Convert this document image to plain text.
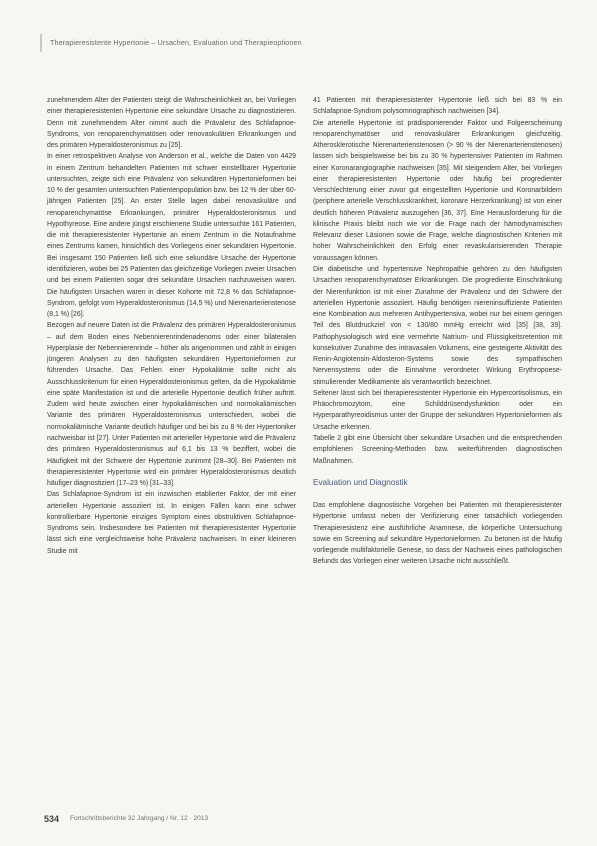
Therapieresistente Hypertonie – Ursachen, Evaluation und Therapieoptionen

zunehmendem Alter der Patienten steigt die Wahrscheinlichkeit an, bei Vorliegen einer therapieresistenten Hypertonie eine sekundäre Ursache zu diagnostizieren. Denn mit zunehmendem Alter nimmt auch die Prävalenz des Schlafapnoe-Syndroms, von renoparenchymatösen oder renovaskulären Erkrankungen und des primären Hyperaldosteronismus zu [25].

In einer retrospektiven Analyse von Anderson et al., welche die Daten von 4429 in einem Zentrum behandelten Patienten mit schwer einstellbarer Hypertonie untersuchten, zeigte sich eine Prävalenz von sekundären Hypertonieformen bei 10 % der gesamten untersuchten Patientenpopulation bzw. bei 12 % der über 60-jährigen Patienten [25]. An erster Stelle lagen dabei renovaskuläre und renoparenchymatöse Erkrankungen, primärer Hyperaldosteronismus und Hypothyreose. Eine andere jüngst erschienene Studie untersuchte 161 Patienten, die mit therapieresistenter Hypertonie an einem Zentrum in die Notaufnahme eines Zentrums kamen, hinsichtlich des Vorliegens einer sekundären Hypertonie. Bei insgesamt 150 Patienten ließ sich eine sekundäre Ursache der Hypertonie identifizieren, wobei bei 25 Patienten das gleichzeitige Vorliegen zweier Ursachen und bei einem Patienten sogar drei sekundäre Ursachen nachzuweisen waren. Die häufigsten Ursachen waren in dieser Kohorte mit 72,8 % das Schlafapnoe-Syndrom, gefolgt vom Hyperaldosteronismus (14,5 %) und Nierenarterienstenose (8,1 %) [26].

Bezogen auf neuere Daten ist die Prävalenz des primären Hyperaldosteronismus – auf dem Boden eines Nebennierenrindenadenoms oder einer bilateralen Hyperplasie der Nebennierenrinde – höher als angenommen und zählt in einigen jüngeren Analysen zu den häufigsten sekundären Hypertonieformen zur führenden Ursache. Das Fehlen einer Hypokaliämie sollte nicht als Ausschlusskriterium für einen Hyperaldosteronismus gelten, da die Hypokaliämie eine späte Manifestation ist und die arterielle Hypertonie deutlich früher auftritt. Zudem wird heute zwischen einer hypokaliämischen und normokaliämischen Variante des primären Hyperaldosteronismus unterschieden, wobei die normokaliämische Variante deutlich häufiger und bei bis zu 8 % der Hypertoniker nachweisbar ist [27]. Unter Patienten mit arterieller Hypertonie wird die Prävalenz des primären Hyperaldosteronismus auf 6,1 bis 13 % beziffert, wobei die Häufigkeit mit der Schwere der Hypertonie zunimmt [28–30]. Bei Patienten mit therapieresistenter Hypertonie wird ein primärer Hyperaldosteronismus deutlich häufiger diagnostiziert (17–23 %) [31–33].

Das Schlafapnoe-Syndrom ist ein inzwischen etablierter Faktor, der mit einer arteriellen Hypertonie assoziiert ist. In einigen Fällen kann eine schwer kontrollierbare Hypertonie einziges Symptom eines obstruktiven Schlafapnoe-Syndroms sein. Insbesondere bei Patienten mit therapieresistenter Hypertonie lässt sich eine vergleichsweise hohe Prävalenz nachweisen. In einer kleineren Studie mit

41 Patienten mit therapieresistenter Hypertonie ließ sich bei 83 % ein Schlafapnoe-Syndrom polysomnographisch nachweisen [34].

Die arterielle Hypertonie ist prädisponierender Faktor und Folgeerscheinung renoparenchymatöser und renovaskulärer Erkrankungen gleichzeitig. Atherosklerotische Nierenarterienstenosen (> 90 % der Nierenarterienstenosen) lassen sich beispielsweise bei bis zu 30 % hypertensiver Patienten im Rahmen einer Koronarangiographie nachweisen [35]. Mit steigendem Alter, bei Vorliegen einer therapieresistenten Hypertonie oder häufig bei progredienter Verschlechterung einer zuvor gut eingestellten Hypertonie und Koronarbildern (periphere arterielle Verschlusskrankheit, koronare Herzerkrankung) ist von einer deutlich höheren Prävalenz auszugehen [36, 37]. Eine Herausforderung für die klinische Praxis bleibt noch wie vor die Frage nach der hämodynamischen Relevanz dieser Läsionen sowie die Frage, welche diagnostischen Kriterien mit hoher Wahrscheinlichkeit den Erfolg einer revaskularisierenden Therapie voraussagen können.

Die diabetische und hypertensive Nephropathie gehören zu den häufigsten Ursachen renoparenchymatöser Erkrankungen. Die progrediente Einschränkung der Nierenfunktion ist mit einer Zunahme der Prävalenz und der Schwere der arteriellen Hypertonie assoziiert. Häufig benötigen niereninsuffiziente Patienten eine Kombination aus mehreren Antihypertensiva, wobei nur bei einem geringen Teil des Blutdruckziel von < 130/80 mmHg erreicht wird [35] [38, 39]. Pathophysiologisch wird eine vermehrte Natrium- und Flüssigkeitsretention mit konsekutiver Zunahme des intravasalen Volumens, eine gesteigerte Aktivität des Renin-Angiotensin-Aldosteron-Systems sowie des sympathischen Nervensystems oder die Einnahme verordneter Wirkung Erythropoese-stimulierender Medikamente als verantwortlich bezeichnet.

Seltener lässt sich bei therapieresistenter Hypertonie ein Hypercortisolismus, ein Phäochromozytom, eine Schilddrüsendysfunktion oder ein Hyperparathyreoidismus unter der Gruppe der sekundären Hypertonieformen als Ursache erkennen.

Tabelle 2 gibt eine Übersicht über sekundäre Ursachen und die entsprechenden empfohlenen Screening-Methoden bzw. weiterführenden diagnostischen Maßnahmen.

Evaluation und Diagnostik

Das empfohlene diagnostische Vorgehen bei Patienten mit therapieresistenter Hypertonie umfasst neben der Verifizierung einer tatsächlich vorliegenden Therapieresistenz eine ausführliche Anamnese, die körperliche Untersuchung sowie ein Screening auf sekundäre Hypertonieformen. Zu betonen ist die häufig vorliegende multifaktorielle Genese, so dass der Nachweis eines pathologischen Befunds das Vorliegen einer weiteren Ursache nicht ausschließt.

534 Fortschrittsberichte 32 Jahrgang / Nr. 12 · 2013
